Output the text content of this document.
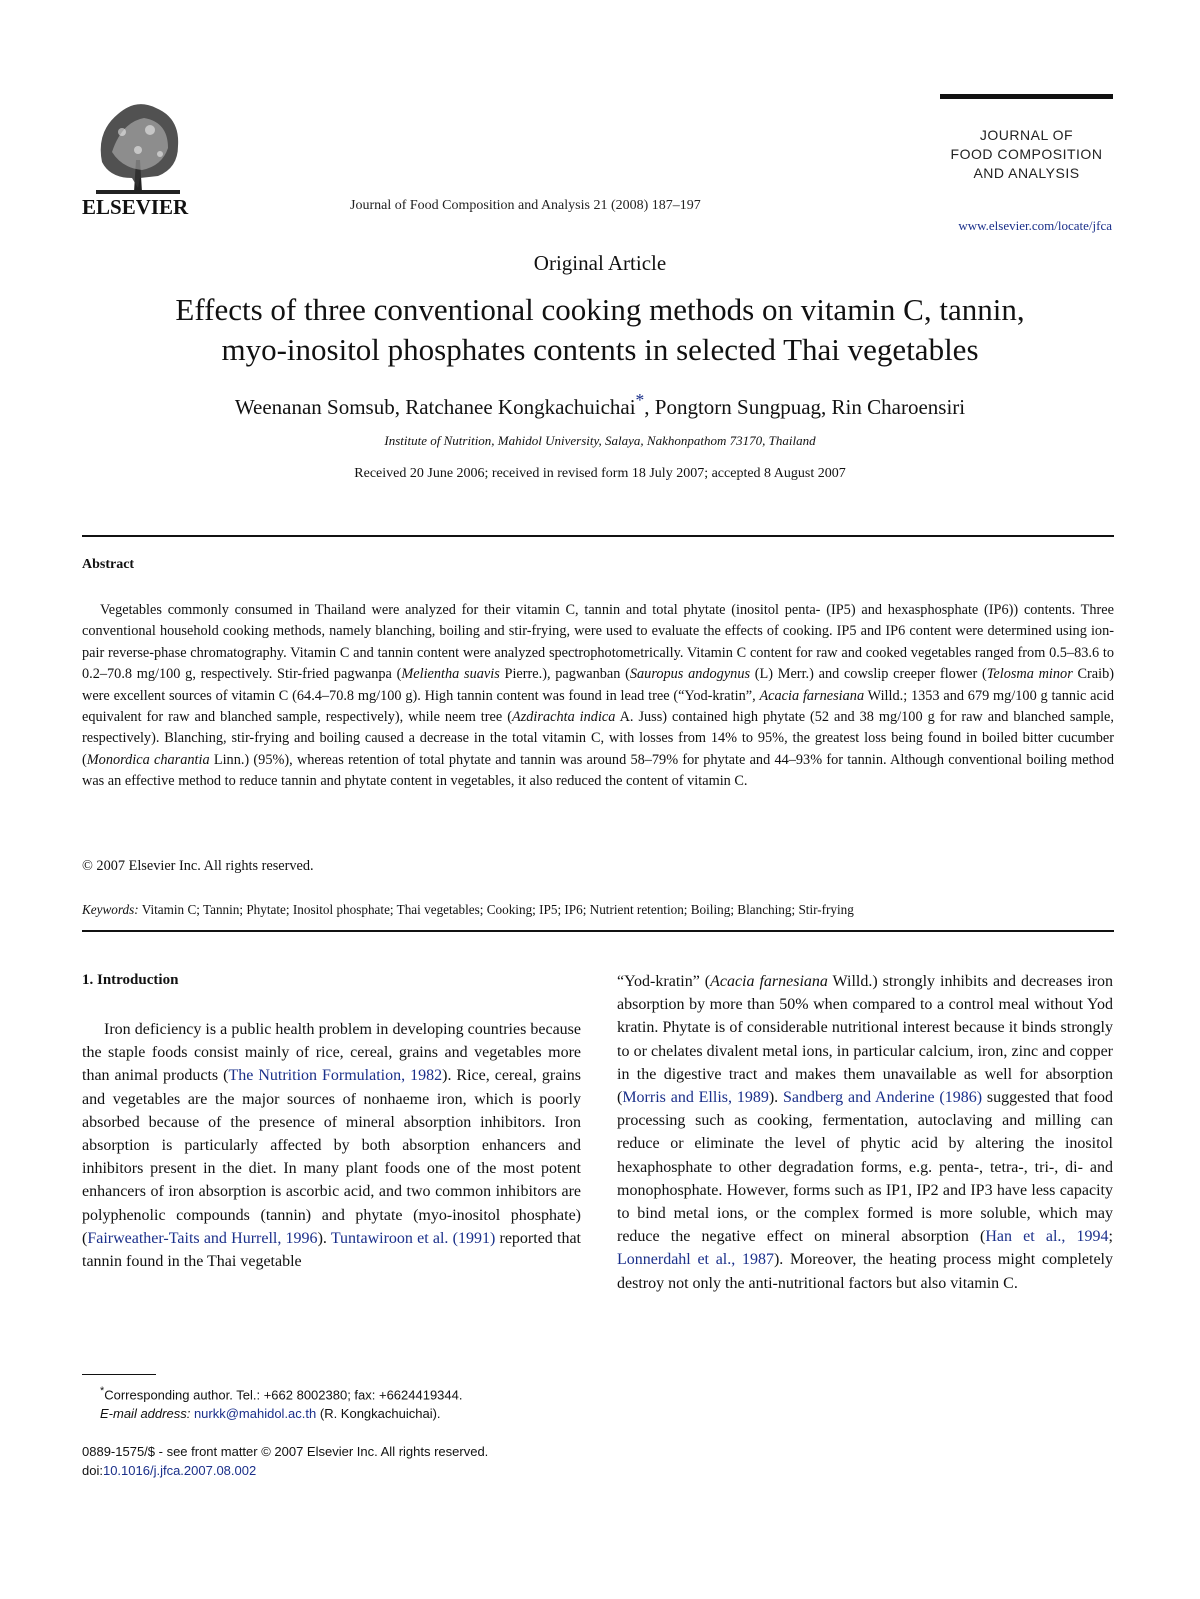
ELSEVIER	Journal of Food Composition and Analysis 21 (2008) 187–197
JOURNAL OF
FOOD COMPOSITION
AND ANALYSIS
www.elsevier.com/locate/jfca
Original Article
Effects of three conventional cooking methods on vitamin C, tannin,
myo-inositol phosphates contents in selected Thai vegetables
Weenanan Somsub, Ratchanee Kongkachuichai*, Pongtorn Sungpuag, Rin Charoensiri
Institute of Nutrition, Mahidol University, Salaya, Nakhonpathom 73170, Thailand
Received 20 June 2006; received in revised form 18 July 2007; accepted 8 August 2007
Abstract
Vegetables commonly consumed in Thailand were analyzed for their vitamin C, tannin and total phytate (inositol penta- (IP5) and hexasphosphate (IP6)) contents. Three conventional household cooking methods, namely blanching, boiling and stir-frying, were used to evaluate the effects of cooking. IP5 and IP6 content were determined using ion-pair reverse-phase chromatography. Vitamin C and tannin content were analyzed spectrophotometrically. Vitamin C content for raw and cooked vegetables ranged from 0.5–83.6 to 0.2–70.8 mg/100 g, respectively. Stir-fried pagwanpa (Melientha suavis Pierre.), pagwanban (Sauropus andogynus (L) Merr.) and cowslip creeper flower (Telosma minor Craib) were excellent sources of vitamin C (64.4–70.8 mg/100 g). High tannin content was found in lead tree (“Yod-kratin”, Acacia farnesiana Willd.; 1353 and 679 mg/100 g tannic acid equivalent for raw and blanched sample, respectively), while neem tree (Azdirachta indica A. Juss) contained high phytate (52 and 38 mg/100 g for raw and blanched sample, respectively). Blanching, stir-frying and boiling caused a decrease in the total vitamin C, with losses from 14% to 95%, the greatest loss being found in boiled bitter cucumber (Monordica charantia Linn.) (95%), whereas retention of total phytate and tannin was around 58–79% for phytate and 44–93% for tannin. Although conventional boiling method was an effective method to reduce tannin and phytate content in vegetables, it also reduced the content of vitamin C.
© 2007 Elsevier Inc. All rights reserved.
Keywords: Vitamin C; Tannin; Phytate; Inositol phosphate; Thai vegetables; Cooking; IP5; IP6; Nutrient retention; Boiling; Blanching; Stir-frying
1. Introduction

Iron deficiency is a public health problem in developing countries because the staple foods consist mainly of rice, cereal, grains and vegetables more than animal products (The Nutrition Formulation, 1982). Rice, cereal, grains and vegetables are the major sources of nonhaeme iron, which is poorly absorbed because of the presence of mineral absorption inhibitors. Iron absorption is particularly affected by both absorption enhancers and inhibitors present in the diet. In many plant foods one of the most potent enhancers of iron absorption is ascorbic acid, and two common inhibitors are polyphenolic compounds (tannin) and phytate (myo-inositol phosphate) (Fairweather-Taits and Hurrell, 1996). Tuntawiroon et al. (1991) reported that tannin found in the Thai vegetable

“Yod-kratin” (Acacia farnesiana Willd.) strongly inhibits and decreases iron absorption by more than 50% when compared to a control meal without Yod kratin. Phytate is of considerable nutritional interest because it binds strongly to or chelates divalent metal ions, in particular calcium, iron, zinc and copper in the digestive tract and makes them unavailable as well for absorption (Morris and Ellis, 1989). Sandberg and Anderine (1986) suggested that food processing such as cooking, fermentation, autoclaving and milling can reduce or eliminate the level of phytic acid by altering the inositol hexaphosphate to other degradation forms, e.g. penta-, tetra-, tri-, di- and monophosphate. However, forms such as IP1, IP2 and IP3 have less capacity to bind metal ions, or the complex formed is more soluble, which may reduce the negative effect on mineral absorption (Han et al., 1994; Lonnerdahl et al., 1987). Moreover, the heating process might completely destroy not only the anti-nutritional factors but also vitamin C.

*Corresponding author. Tel.: +662 8002380; fax: +6624419344.
E-mail address: nurkk@mahidol.ac.th (R. Kongkachuichai).
0889-1575/$ - see front matter © 2007 Elsevier Inc. All rights reserved.
doi:10.1016/j.jfca.2007.08.002
